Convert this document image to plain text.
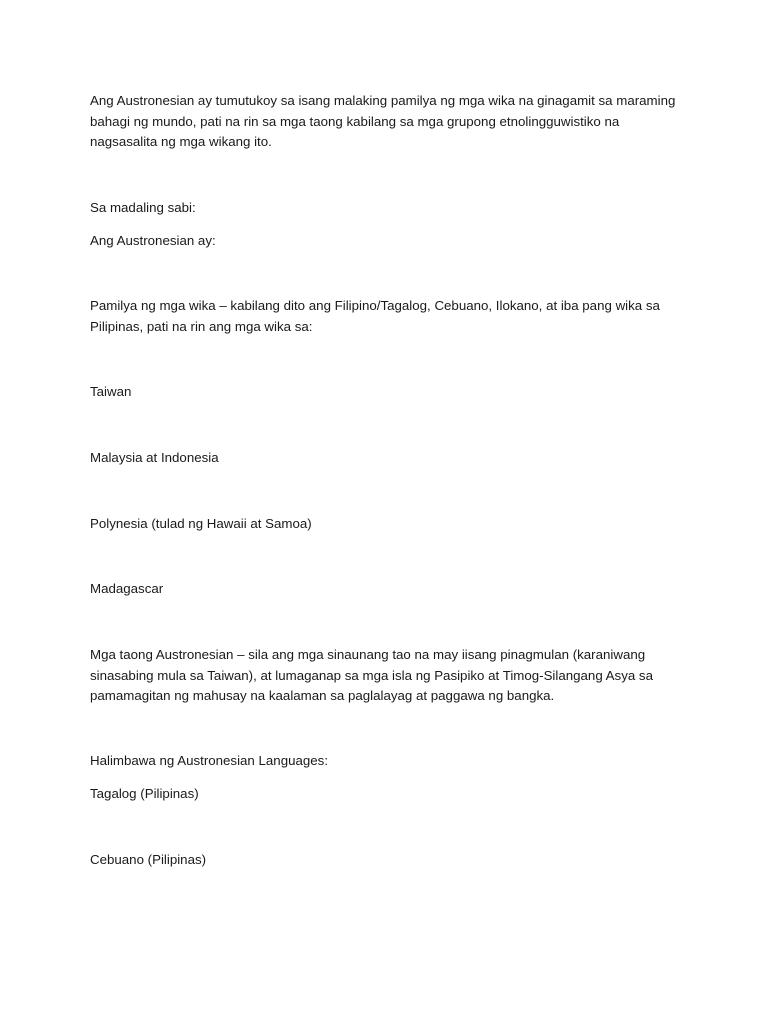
Ang Austronesian ay tumutukoy sa isang malaking pamilya ng mga wika na ginagamit sa maraming bahagi ng mundo, pati na rin sa mga taong kabilang sa mga grupong etnolingguwistiko na nagsasalita ng mga wikang ito.

Sa madaling sabi:

Ang Austronesian ay:

Pamilya ng mga wika – kabilang dito ang Filipino/Tagalog, Cebuano, Ilokano, at iba pang wika sa Pilipinas, pati na rin ang mga wika sa:

Taiwan

Malaysia at Indonesia

Polynesia (tulad ng Hawaii at Samoa)

Madagascar

Mga taong Austronesian – sila ang mga sinaunang tao na may iisang pinagmulan (karaniwang sinasabing mula sa Taiwan), at lumaganap sa mga isla ng Pasipiko at Timog-Silangang Asya sa pamamagitan ng mahusay na kaalaman sa paglalayag at paggawa ng bangka.

Halimbawa ng Austronesian Languages:

Tagalog (Pilipinas)

Cebuano (Pilipinas)
